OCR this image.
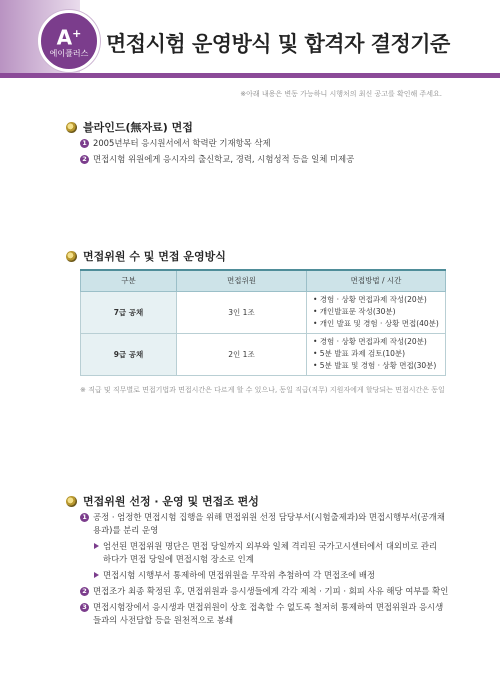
A+
에이플러스 면접시험 운영방식 및 합격자 결정기준
※아래 내용은 변동 가능하니 시행처의 최신 공고를 확인해 주세요.
블라인드(無자료) 면접
1 2005년부터 응시원서에서 학력란 기재항목 삭제
2 면접시험 위원에게 응시자의 출신학교, 경력, 시험성적 등을 일체 미제공
면접위원 수 및 면접 운영방식
구분	면접위원	면접방법 / 시간
7급 공채	3인 1조	• 경험 · 상황 면접과제 작성(20분)
• 개인발표문 작성(30분)
• 개인 발표 및 경험 · 상황 면접(40분)

9급 공채	2인 1조	• 경험 · 상황 면접과제 작성(20분)
• 5분 발표 과제 검토(10분)
• 5분 발표 및 경험 · 상황 면접(30분)
※ 직급 및 직무별로 면접기법과 면접시간은 다르게 할 수 있으나, 동일 직급(직무) 지원자에게 할당되는 면접시간은 동일
면접위원 선정 · 운영 및 면접조 편성
1 공정 · 엄정한 면접시험 집행을 위해 면접위원 선정 담당부서(시험출제과)와 면접시행부서(공개채용과)를 분리 운영
엄선된 면접위원 명단은 면접 당일까지 외부와 일체 격리된 국가고시센터에서 대외비로 관리하다가 면접 당일에 면접시험 장소로 인계
면접시험 시행부서 통제하에 면접위원을 무작위 추첨하여 각 면접조에 배정
2 면접조가 최종 확정된 후, 면접위원과 응시생들에게 각각 제척 · 기피 · 회피 사유 해당 여부를 확인
3 면접시험장에서 응시생과 면접위원이 상호 접촉할 수 없도록 철저히 통제하여 면접위원과 응시생들과의 사전담합 등을 원천적으로 봉쇄
